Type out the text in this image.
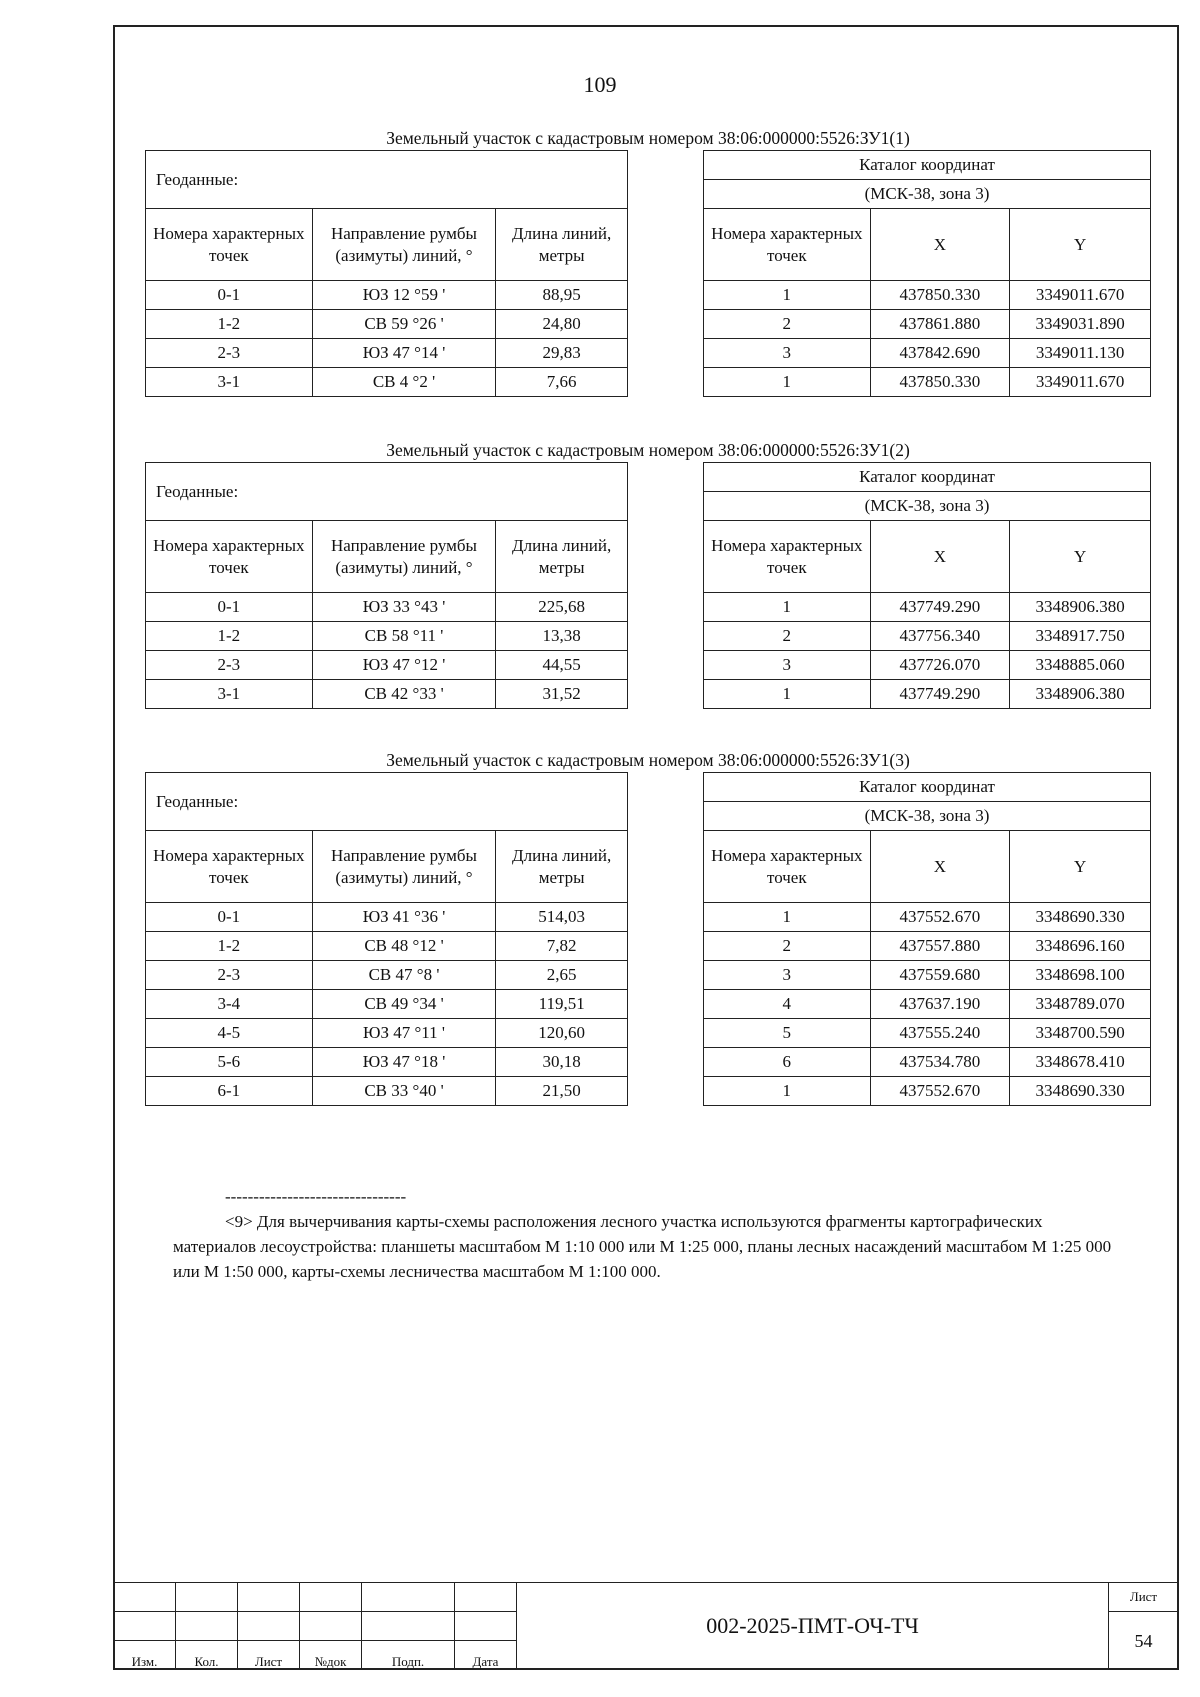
109
Земельный участок с кадастровым номером 38:06:000000:5526:ЗУ1(1)
Геоданные:		
Номера характерных точек	Направление румбы (азимуты) линий, °	Длина линий, метры
0-1	ЮЗ 12 °59 '	88,95
1-2	СВ 59 °26 '	24,80
2-3	ЮЗ 47 °14 '	29,83
3-1	СВ 4 °2 '	7,66
Каталог координат		
(МСК-38, зона 3)		
Номера характерных точек	X	Y
1	437850.330	3349011.670
2	437861.880	3349031.890
3	437842.690	3349011.130
1	437850.330	3349011.670
Земельный участок с кадастровым номером 38:06:000000:5526:ЗУ1(2)
Геоданные:		
Номера характерных точек	Направление румбы (азимуты) линий, °	Длина линий, метры
0-1	ЮЗ 33 °43 '	225,68
1-2	СВ 58 °11 '	13,38
2-3	ЮЗ 47 °12 '	44,55
3-1	СВ 42 °33 '	31,52
Каталог координат		
(МСК-38, зона 3)		
Номера характерных точек	X	Y
1	437749.290	3348906.380
2	437756.340	3348917.750
3	437726.070	3348885.060
1	437749.290	3348906.380
Земельный участок с кадастровым номером 38:06:000000:5526:ЗУ1(3)
Геоданные:		
Номера характерных точек	Направление румбы (азимуты) линий, °	Длина линий, метры
0-1	ЮЗ 41 °36 '	514,03
1-2	СВ 48 °12 '	7,82
2-3	СВ 47 °8 '	2,65
3-4	СВ 49 °34 '	119,51
4-5	ЮЗ 47 °11 '	120,60
5-6	ЮЗ 47 °18 '	30,18
6-1	СВ 33 °40 '	21,50
Каталог координат		
(МСК-38, зона 3)		
Номера характерных точек	X	Y
1	437552.670	3348690.330
2	437557.880	3348696.160
3	437559.680	3348698.100
4	437637.190	3348789.070
5	437555.240	3348700.590
6	437534.780	3348678.410
1	437552.670	3348690.330
--------------------------------

<9> Для вычерчивания карты-схемы расположения лесного участка используются фрагменты картографических материалов лесоустройства: планшеты масштабом М 1:10 000 или М 1:25 000, планы лесных насаждений масштабом М 1:25 000 или М 1:50 000, карты-схемы лесничества масштабом М 1:100 000.

						002-2025-ПМТ-ОЧ-ТЧ	Лист
							54
Изм.	Кол.	Лист	№док	Подп.	Дата		
